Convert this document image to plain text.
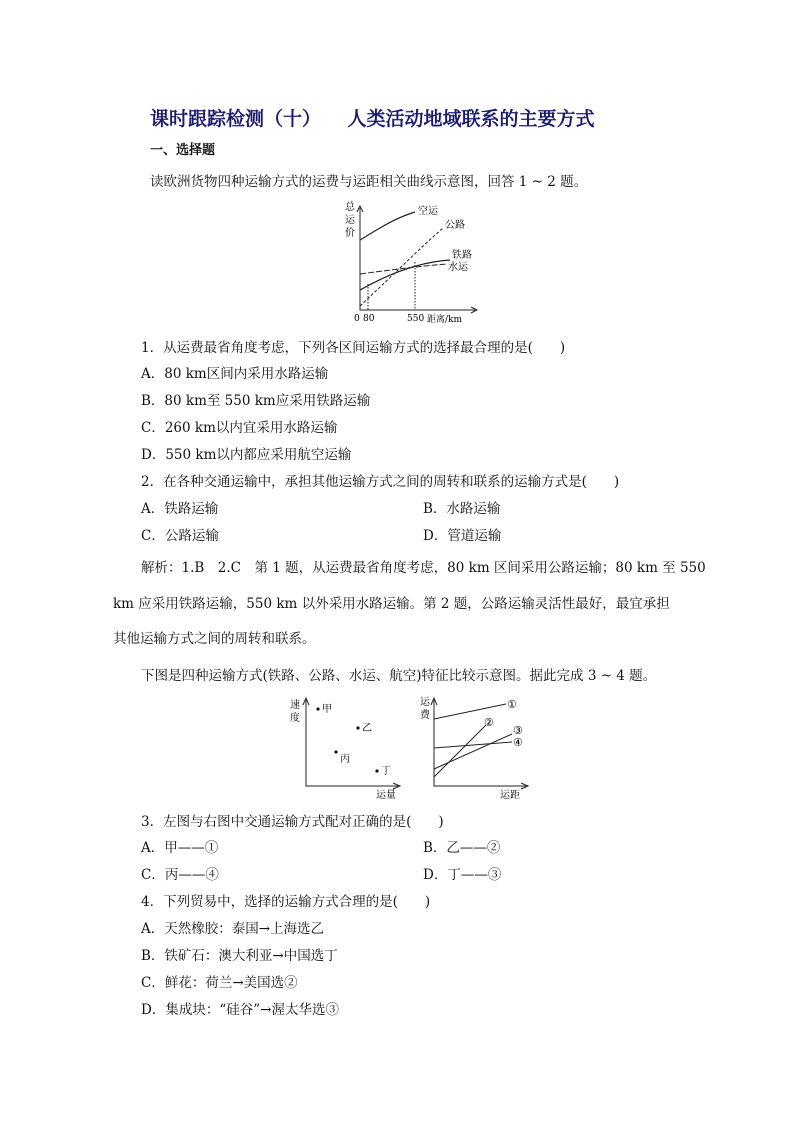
课时跟踪检测（十）    人类活动地域联系的主要方式
一、选择题
读欧洲货物四种运输方式的运费与运距相关曲线示意图，回答 1 ~ 2 题。
总
运
价
空运
公路
铁路
水运
0 80	550 距离/km
1．从运费最省角度考虑，下列各区间运输方式的选择最合理的是(　　)
A．80 km区间内采用水路运输
B．80 km至 550 km应采用铁路运输
C．260 km以内宜采用水路运输
D．550 km以内都应采用航空运输
2．在各种交通运输中，承担其他运输方式之间的周转和联系的运输方式是(　　)
A．铁路运输	B．水路运输
C．公路运输	D．管道运输
解析：1.B　2.C　第 1 题，从运费最省角度考虑，80 km 区间采用公路运输；80 km 至 550
km 应采用铁路运输，550 km 以外采用水路运输。第 2 题，公路运输灵活性最好，最宜承担
其他运输方式之间的周转和联系。
下图是四种运输方式(铁路、公路、水运、航空)特征比较示意图。据此完成 3 ~ 4 题。
速
度
甲
乙
丙
丁
运量
运
费
①
②
③
④
运距
3．左图与右图中交通运输方式配对正确的是(　　)
A．甲——①	B．乙——②
C．丙——④	D．丁——③
4．下列贸易中，选择的运输方式合理的是(　　)
A．天然橡胶：泰国→上海选乙
B．铁矿石：澳大利亚→中国选丁
C．鲜花：荷兰→美国选②
D．集成块：“硅谷”→渥太华选③
